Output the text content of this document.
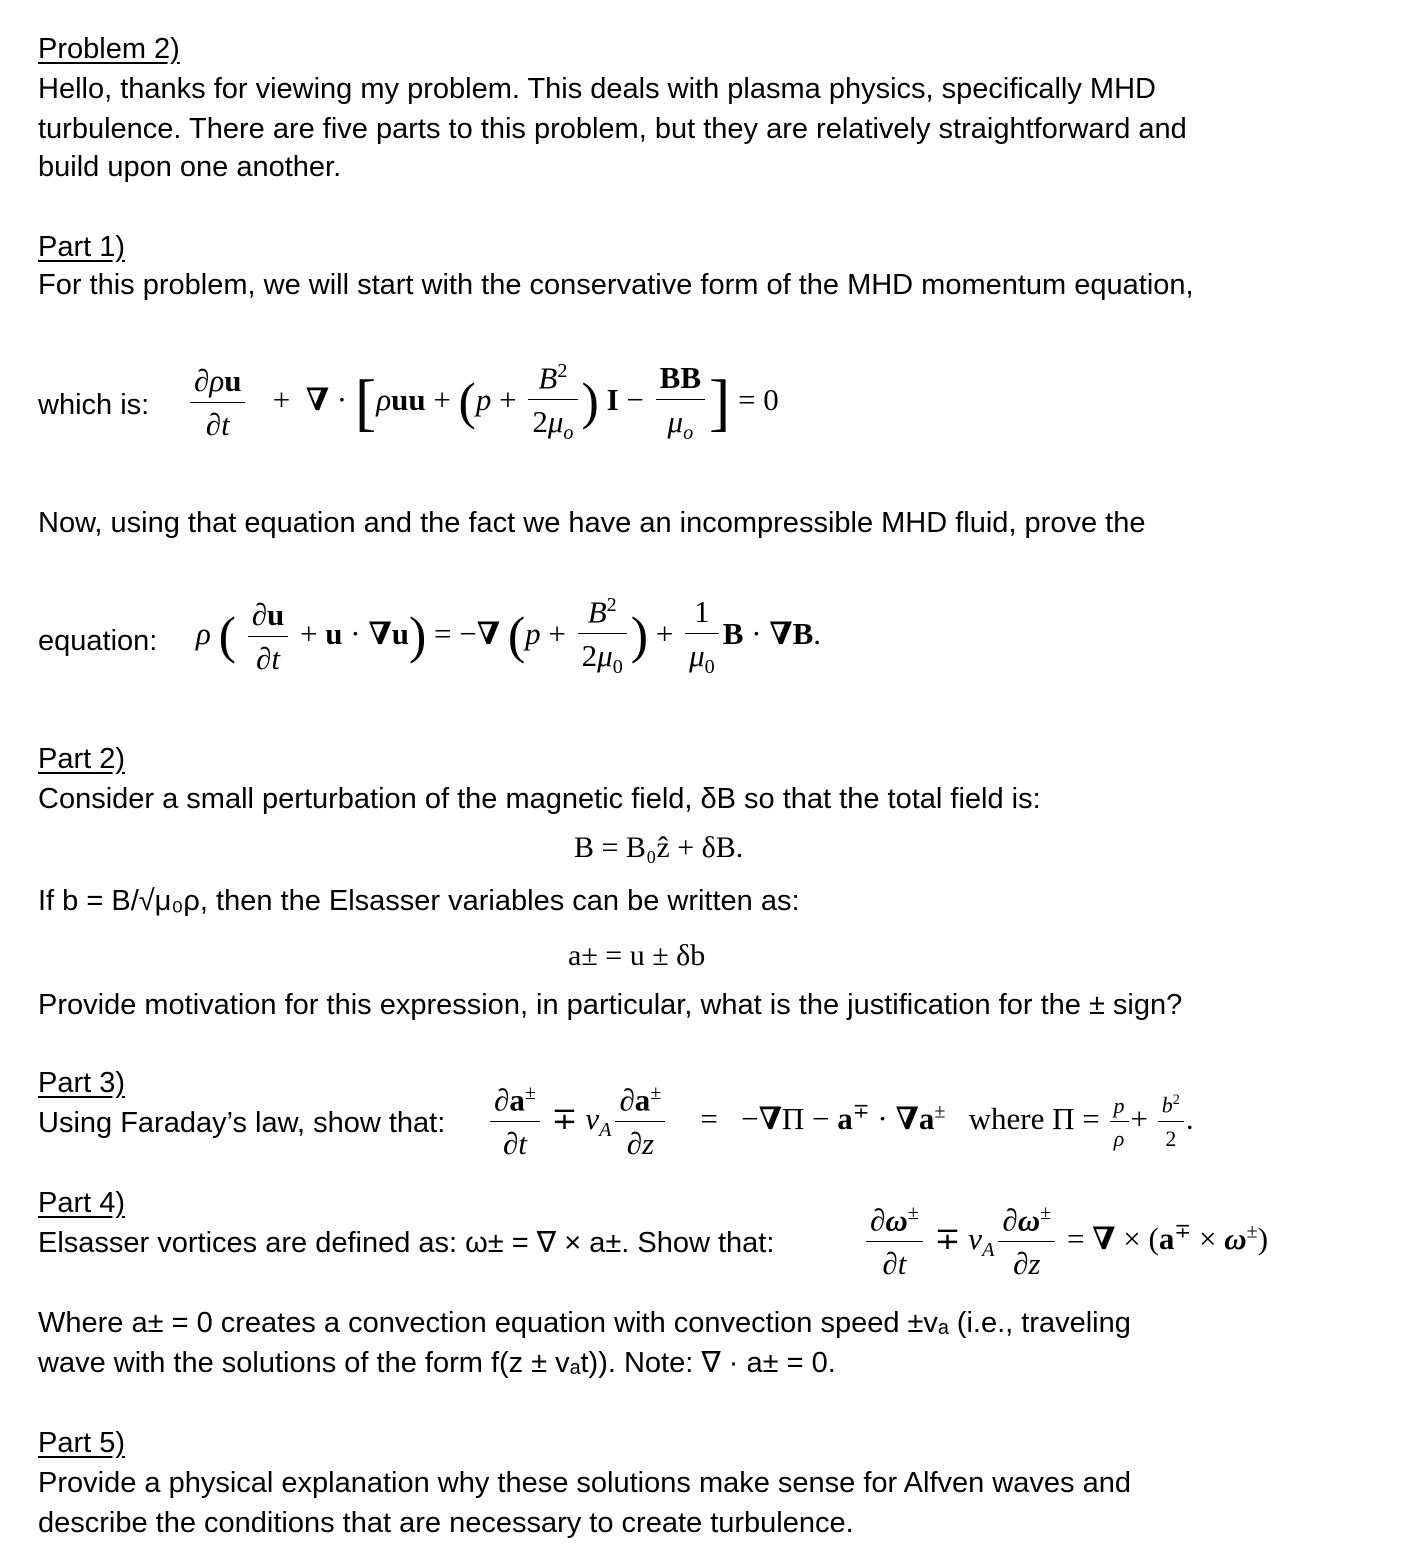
Problem 2)
Hello, thanks for viewing my problem. This deals with plasma physics, specifically MHD
turbulence. There are five parts to this problem, but they are relatively straightforward and
build upon one another.
Part 1)
For this problem, we will start with the conservative form of the MHD momentum equation,
which is: $\frac{\partial\rho u}{\partial t}$ +  ∇ · [$\rho uu + (p + \frac{B^2}{2\mu_o}$ ) $I - \frac{BB}{\mu_o}$ ] = 0
Now, using that equation and the fact we have an incompressible MHD fluid, prove the
equation: ρ ( $\frac{\partial u}{\partial t} + u \cdot \nabla u$) = −∇ ($p + \frac{B^2}{2\mu_0}$ ) + $\frac{1}{\mu_0}$ B · ∇B.
Part 2)
Consider a small perturbation of the magnetic field, δB so that the total field is:
B = B₀ẑ + δB.
If b = B/√μ₀ρ, then the Elsasser variables can be written as:
a± = u ± δb
Provide motivation for this expression, in particular, what is the justification for the ± sign?
Part 3)
Using Faraday’s law, show that: $\frac{\partial a^\pm}{\partial t} \mp v_A \frac{\partial a^\pm}{\partial z} = -\nabla\Pi - a^\mp \cdot \nabla a^\pm$ where $\Pi = \frac{p}{\rho} + \frac{b^2}{2}$ .
Part 4)
Elsasser vortices are defined as: ω± = ∇ × a±. Show that:	$\frac{\partial\omega^\pm}{\partial t} \mp v_A \frac{\partial\omega^\pm}{\partial z}$ = ∇ × (a∓ × ω±)
Where a± = 0 creates a convection equation with convection speed ±vₐ (i.e., traveling
wave with the solutions of the form f(z ± vₐt)). Note: ∇ · a± = 0.
Part 5)
Provide a physical explanation why these solutions make sense for Alfven waves and
describe the conditions that are necessary to create turbulence.
